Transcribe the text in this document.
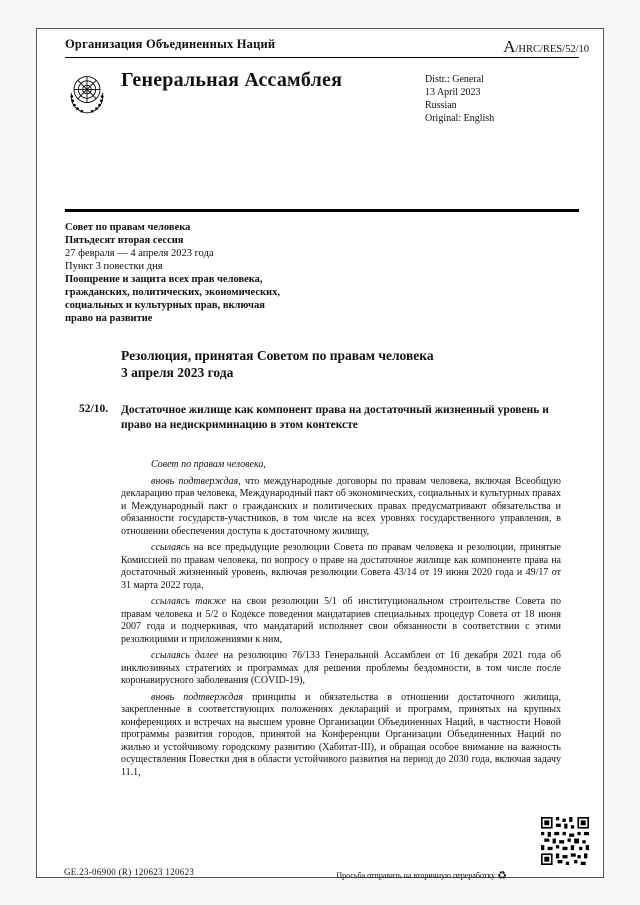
Организация Объединенных Наций	A/HRC/RES/52/10
Генеральная Ассамблея	Distr.: General
13 April 2023
Russian
Original: English
Совет по правам человека
Пятьдесят вторая сессия
27 февраля — 4 апреля 2023 года
Пункт 3 повестки дня
Поощрение и защита всех прав человека, гражданских, политических, экономических, социальных и культурных прав, включая право на развитие
Резолюция, принятая Советом по правам человека
3 апреля 2023 года
52/10. Достаточное жилище как компонент права на достаточный жизненный уровень и право на недискриминацию в этом контексте

Совет по правам человека,

вновь подтверждая, что международные договоры по правам человека, включая Всеобщую декларацию прав человека, Международный пакт об экономических, социальных и культурных правах и Международный пакт о гражданских и политических правах предусматривают обязательства и обязанности государств-участников, в том числе на всех уровнях государственного управления, в отношении обеспечения доступа к достаточному жилищу,

ссылаясь на все предыдущие резолюции Совета по правам человека и резолюции, принятые Комиссией по правам человека, по вопросу о праве на достаточное жилище как компоненте права на достаточный жизненный уровень, включая резолюции Совета 43/14 от 19 июня 2020 года и 49/17 от 31 марта 2022 года,

ссылаясь также на свои резолюции 5/1 об институциональном строительстве Совета по правам человека и 5/2 о Кодексе поведения мандатариев специальных процедур Совета от 18 июня 2007 года и подчеркивая, что мандатарий исполняет свои обязанности в соответствии с этими резолюциями и приложениями к ним,

ссылаясь далее на резолюцию 76/133 Генеральной Ассамблеи от 16 декабря 2021 года об инклюзивных стратегиях и программах для решения проблемы бездомности, в том числе после коронавирусного заболевания (COVID-19),

вновь подтверждая принципы и обязательства в отношении достаточного жилища, закрепленные в соответствующих положениях деклараций и программ, принятых на крупных конференциях и встречах на высшем уровне Организации Объединенных Наций, в частности Новой программы развития городов, принятой на Конференции Организации Объединенных Наций по жилью и устойчивому городскому развитию (Хабитат-III), и обращая особое внимание на важность осуществления Повестки дня в области устойчивого развития на период до 2030 года, включая задачу 11.1,

GE.23-06900 (R) 120623 120623	Просьба отправить на вторичную переработку ♻
